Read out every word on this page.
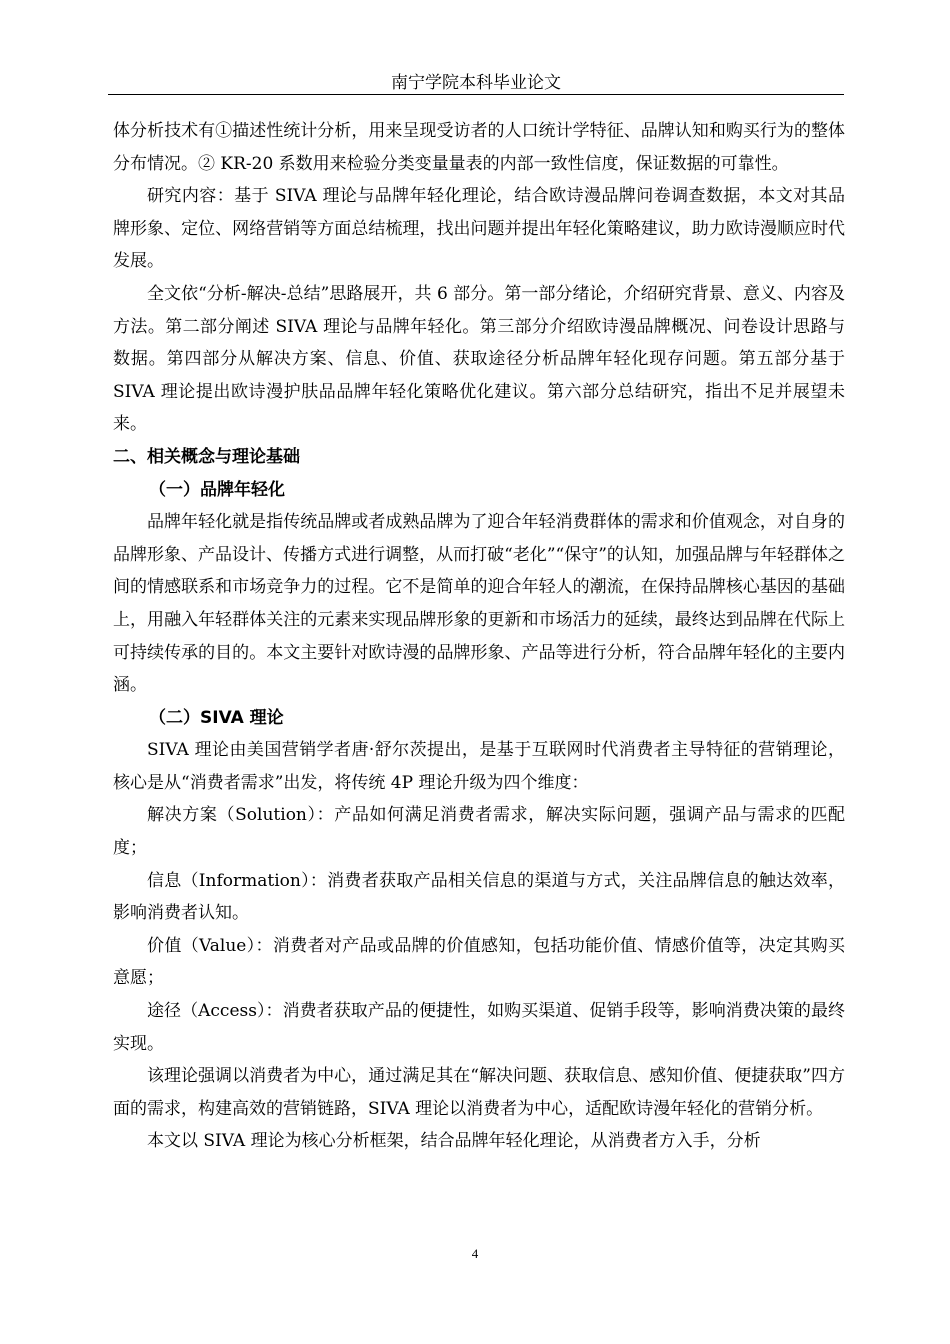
南宁学院本科毕业论文

体分析技术有①描述性统计分析，用来呈现受访者的人口统计学特征、品牌认知和购买行为的整体分布情况。② KR-20 系数用来检验分类变量量表的内部一致性信度，保证数据的可靠性。

研究内容：基于 SIVA 理论与品牌年轻化理论，结合欧诗漫品牌问卷调查数据，本文对其品牌形象、定位、网络营销等方面总结梳理，找出问题并提出年轻化策略建议，助力欧诗漫顺应时代发展。

全文依“分析-解决-总结”思路展开，共 6 部分。第一部分绪论，介绍研究背景、意义、内容及方法。第二部分阐述 SIVA 理论与品牌年轻化。第三部分介绍欧诗漫品牌概况、问卷设计思路与数据。第四部分从解决方案、信息、价值、获取途径分析品牌年轻化现存问题。第五部分基于 SIVA 理论提出欧诗漫护肤品品牌年轻化策略优化建议。第六部分总结研究，指出不足并展望未来。

二、相关概念与理论基础
（一）品牌年轻化

品牌年轻化就是指传统品牌或者成熟品牌为了迎合年轻消费群体的需求和价值观念，对自身的品牌形象、产品设计、传播方式进行调整，从而打破“老化”“保守”的认知，加强品牌与年轻群体之间的情感联系和市场竞争力的过程。它不是简单的迎合年轻人的潮流，在保持品牌核心基因的基础上，用融入年轻群体关注的元素来实现品牌形象的更新和市场活力的延续，最终达到品牌在代际上可持续传承的目的。本文主要针对欧诗漫的品牌形象、产品等进行分析，符合品牌年轻化的主要内涵。

（二）SIVA 理论

SIVA 理论由美国营销学者唐·舒尔茨提出，是基于互联网时代消费者主导特征的营销理论，核心是从“消费者需求”出发，将传统 4P 理论升级为四个维度：

解决方案（Solution）：产品如何满足消费者需求，解决实际问题，强调产品与需求的匹配度；

信息（Information）：消费者获取产品相关信息的渠道与方式，关注品牌信息的触达效率，影响消费者认知。

价值（Value）：消费者对产品或品牌的价值感知，包括功能价值、情感价值等，决定其购买意愿；

途径（Access）：消费者获取产品的便捷性，如购买渠道、促销手段等，影响消费决策的最终实现。

该理论强调以消费者为中心，通过满足其在“解决问题、获取信息、感知价值、便捷获取”四方面的需求，构建高效的营销链路，SIVA 理论以消费者为中心，适配欧诗漫年轻化的营销分析。

本文以 SIVA 理论为核心分析框架，结合品牌年轻化理论，从消费者方入手，分析

4
